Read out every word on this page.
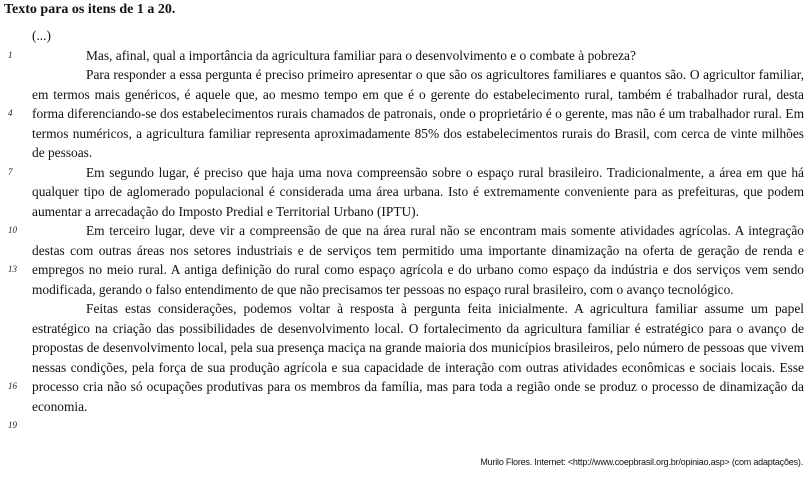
Texto para os itens de 1 a 20.
1
4
7
10
13
16
19

(...)

Mas, afinal, qual a importância da agricultura familiar para o desenvolvimento e o combate à pobreza?

Para responder a essa pergunta é preciso primeiro apresentar o que são os agricultores familiares e quantos são. O agricultor familiar, em termos mais genéricos, é aquele que, ao mesmo tempo em que é o gerente do estabelecimento rural, também é trabalhador rural, desta forma diferenciando-se dos estabelecimentos rurais chamados de patronais, onde o proprietário é o gerente, mas não é um trabalhador rural. Em termos numéricos, a agricultura familiar representa aproximadamente 85% dos estabelecimentos rurais do Brasil, com cerca de vinte milhões de pessoas.

Em segundo lugar, é preciso que haja uma nova compreensão sobre o espaço rural brasileiro. Tradicionalmente, a área em que há qualquer tipo de aglomerado populacional é considerada uma área urbana. Isto é extremamente conveniente para as prefeituras, que podem aumentar a arrecadação do Imposto Predial e Territorial Urbano (IPTU).

Em terceiro lugar, deve vir a compreensão de que na área rural não se encontram mais somente atividades agrícolas. A integração destas com outras áreas nos setores industriais e de serviços tem permitido uma importante dinamização na oferta de geração de renda e empregos no meio rural. A antiga definição do rural como espaço agrícola e do urbano como espaço da indústria e dos serviços vem sendo modificada, gerando o falso entendimento de que não precisamos ter pessoas no espaço rural brasileiro, com o avanço tecnológico.

Feitas estas considerações, podemos voltar à resposta à pergunta feita inicialmente. A agricultura familiar assume um papel estratégico na criação das possibilidades de desenvolvimento local. O fortalecimento da agricultura familiar é estratégico para o avanço de propostas de desenvolvimento local, pela sua presença maciça na grande maioria dos municípios brasileiros, pelo número de pessoas que vivem nessas condições, pela força de sua produção agrícola e sua capacidade de interação com outras atividades econômicas e sociais locais. Esse processo cria não só ocupações produtivas para os membros da família, mas para toda a região onde se produz o processo de dinamização da economia.

Murilo Flores. Internet: <http://www.coepbrasil.org.br/opiniao.asp> (com adaptações).
